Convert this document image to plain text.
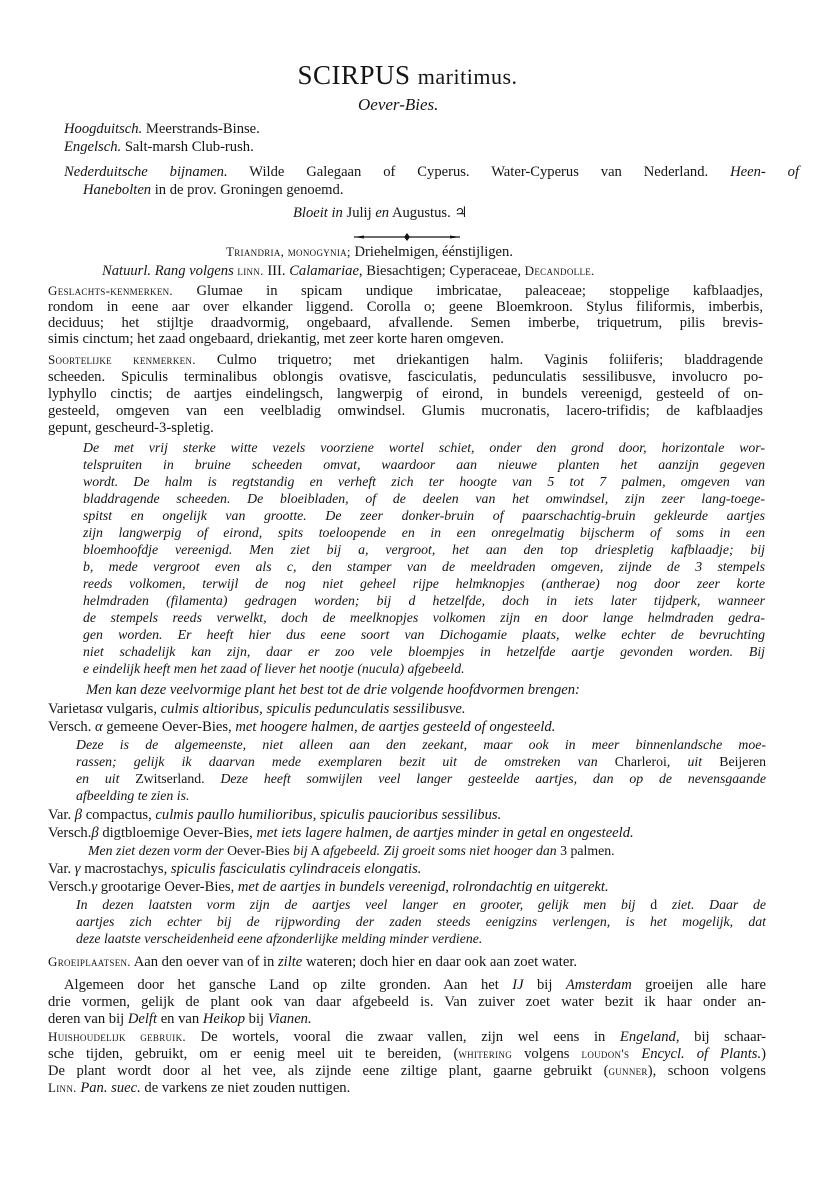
SCIRPUS maritimus.
Oever-Bies.
Hoogduitsch. Meerstrands-Binse.
Engelsch. Salt-marsh Club-rush.
Nederduitsche bijnamen. Wilde Galegaan of Cyperus. Water-Cyperus van Nederland. Heen- of
Hanebolten in de prov. Groningen genoemd.
Bloeit in Julij en Augustus. ♃
Triandria, monogynia; Driehelmigen, éénstijligen.
Natuurl. Rang volgens linn. III. Calamariae, Biesachtigen; Cyperaceae, Decandolle.
Geslachts-kenmerken. Glumae in spicam undique imbricatae, paleaceae; stoppelige kafblaadjes,
rondom in eene aar over elkander liggend. Corolla o; geene Bloemkroon. Stylus filiformis, imberbis,
deciduus; het stijltje draadvormig, ongebaard, afvallende. Semen imberbe, triquetrum, pilis brevis-
simis cinctum; het zaad ongebaard, driekantig, met zeer korte haren omgeven.
Soortelijke kenmerken. Culmo triquetro; met driekantigen halm. Vaginis foliiferis; bladdragende
scheeden. Spiculis terminalibus oblongis ovatisve, fasciculatis, pedunculatis sessilibusve, involucro po-
lyphyllo cinctis; de aartjes eindelingsch, langwerpig of eirond, in bundels vereenigd, gesteeld of on-
gesteeld, omgeven van een veelbladig omwindsel. Glumis mucronatis, lacero-trifidis; de kafblaadjes
gepunt, gescheurd-3-spletig.
De met vrij sterke witte vezels voorziene wortel schiet, onder den grond door, horizontale wor-
telspruiten in bruine scheeden omvat, waardoor aan nieuwe planten het aanzijn gegeven
wordt. De halm is regtstandig en verheft zich ter hoogte van 5 tot 7 palmen, omgeven van
bladdragende scheeden. De bloeibladen, of de deelen van het omwindsel, zijn zeer lang-toege-
spitst en ongelijk van grootte. De zeer donker-bruin of paarschachtig-bruin gekleurde aartjes
zijn langwerpig of eirond, spits toeloopende en in een onregelmatig bijscherm of soms in een
bloemhoofdje vereenigd. Men ziet bij a, vergroot, het aan den top driespletig kafblaadje; bij
b, mede vergroot even als c, den stamper van de meeldraden omgeven, zijnde de 3 stempels
reeds volkomen, terwijl de nog niet geheel rijpe helmknopjes (antherae) nog door zeer korte
helmdraden (filamenta) gedragen worden; bij d hetzelfde, doch in iets later tijdperk, wanneer
de stempels reeds verwelkt, doch de meelknopjes volkomen zijn en door lange helmdraden gedra-
gen worden. Er heeft hier dus eene soort van Dichogamie plaats, welke echter de bevruchting
niet schadelijk kan zijn, daar er zoo vele bloempjes in hetzelfde aartje gevonden worden. Bij
e eindelijk heeft men het zaad of liever het nootje (nucula) afgebeeld.
Men kan deze veelvormige plant het best tot de drie volgende hoofdvormen brengen:
Varietasα vulgaris, culmis altioribus, spiculis pedunculatis sessilibusve.
Versch. α gemeene Oever-Bies, met hoogere halmen, de aartjes gesteeld of ongesteeld.
Deze is de algemeenste, niet alleen aan den zeekant, maar ook in meer binnenlandsche moe-
rassen; gelijk ik daarvan mede exemplaren bezit uit de omstreken van Charleroi, uit Beijeren
en uit Zwitserland. Deze heeft somwijlen veel langer gesteelde aartjes, dan op de nevensgaande
afbeelding te zien is.
Var. β compactus, culmis paullo humilioribus, spiculis paucioribus sessilibus.
Versch.β digtbloemige Oever-Bies, met iets lagere halmen, de aartjes minder in getal en ongesteeld.
Men ziet dezen vorm der Oever-Bies bij A afgebeeld. Zij groeit soms niet hooger dan 3 palmen.
Var. γ macrostachys, spiculis fasciculatis cylindraceis elongatis.
Versch.γ grootarige Oever-Bies, met de aartjes in bundels vereenigd, rolrondachtig en uitgerekt.
In dezen laatsten vorm zijn de aartjes veel langer en grooter, gelijk men bij d ziet. Daar de
aartjes zich echter bij de rijpwording der zaden steeds eenigzins verlengen, is het mogelijk, dat
deze laatste verscheidenheid eene afzonderlijke melding minder verdiene.
Groeiplaatsen. Aan den oever van of in zilte wateren; doch hier en daar ook aan zoet water.
Algemeen door het gansche Land op zilte gronden. Aan het IJ bij Amsterdam groeijen alle hare
drie vormen, gelijk de plant ook van daar afgebeeld is. Van zuiver zoet water bezit ik haar onder an-
deren van bij Delft en van Heikop bij Vianen.
Huishoudelijk gebruik. De wortels, vooral die zwaar vallen, zijn wel eens in Engeland, bij schaar-
sche tijden, gebruikt, om er eenig meel uit te bereiden, (whitering volgens loudon's Encycl. of Plants.)
De plant wordt door al het vee, als zijnde eene ziltige plant, gaarne gebruikt (gunner), schoon volgens
Linn. Pan. suec. de varkens ze niet zouden nuttigen.
